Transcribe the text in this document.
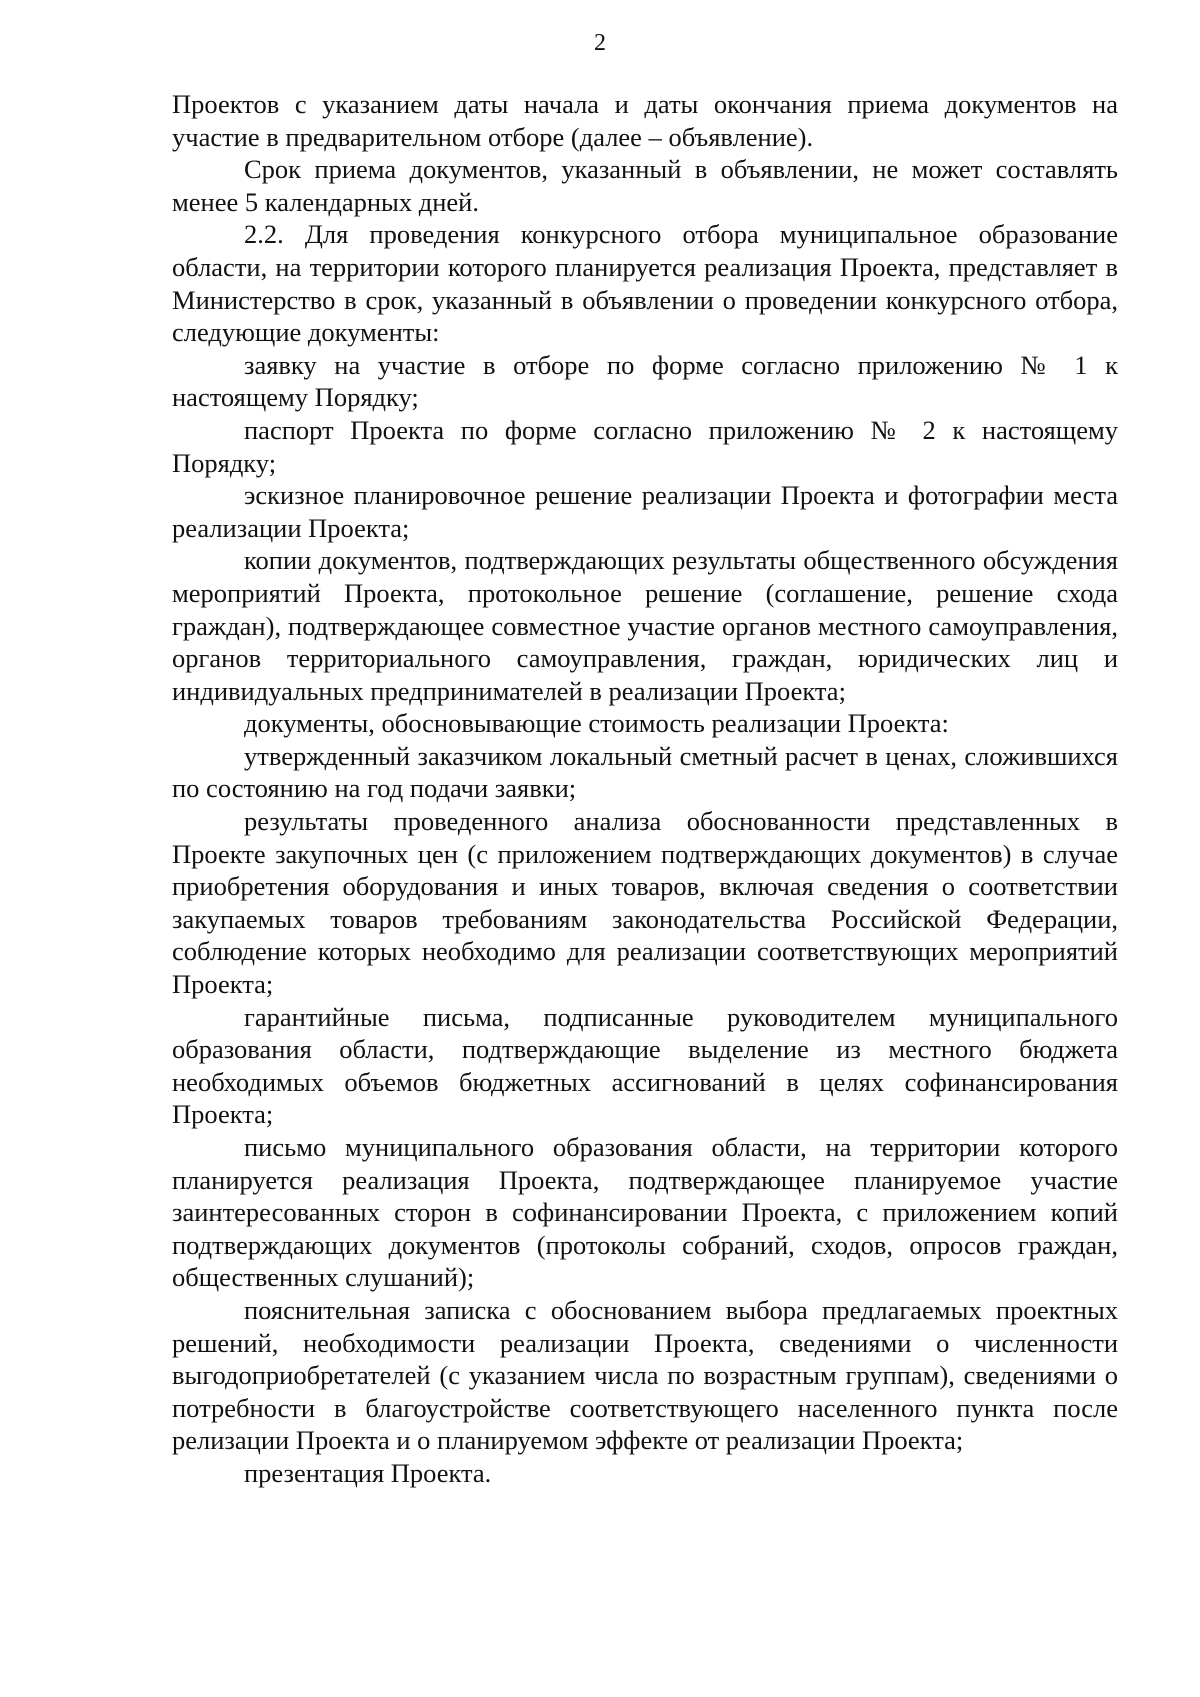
2

Проектов с указанием даты начала и даты окончания приема документов на участие в предварительном отборе (далее – объявление).

Срок приема документов, указанный в объявлении, не может составлять менее 5 календарных дней.

2.2. Для проведения конкурсного отбора муниципальное образование области, на территории которого планируется реализация Проекта, представляет в Министерство в срок, указанный в объявлении о проведении конкурсного отбора, следующие документы:

заявку на участие в отборе по форме согласно приложению № 1 к настоящему Порядку;

паспорт Проекта по форме согласно приложению № 2 к настоящему Порядку;

эскизное планировочное решение реализации Проекта и фотографии места реализации Проекта;

копии документов, подтверждающих результаты общественного обсуждения мероприятий Проекта, протокольное решение (соглашение, решение схода граждан), подтверждающее совместное участие органов местного самоуправления, органов территориального самоуправления, граждан, юридических лиц и индивидуальных предпринимателей в реализации Проекта;

документы, обосновывающие стоимость реализации Проекта:

утвержденный заказчиком локальный сметный расчет в ценах, сложившихся по состоянию на год подачи заявки;

результаты проведенного анализа обоснованности представленных в Проекте закупочных цен (с приложением подтверждающих документов) в случае приобретения оборудования и иных товаров, включая сведения о соответствии закупаемых товаров требованиям законодательства Российской Федерации, соблюдение которых необходимо для реализации соответствующих мероприятий Проекта;

гарантийные письма, подписанные руководителем муниципального образования области, подтверждающие выделение из местного бюджета необходимых объемов бюджетных ассигнований в целях софинансирования Проекта;

письмо муниципального образования области, на территории которого планируется реализация Проекта, подтверждающее планируемое участие заинтересованных сторон в софинансировании Проекта, с приложением копий подтверждающих документов (протоколы собраний, сходов, опросов граждан, общественных слушаний);

пояснительная записка с обоснованием выбора предлагаемых проектных решений, необходимости реализации Проекта, сведениями о численности выгодоприобретателей (с указанием числа по возрастным группам), сведениями о потребности в благоустройстве соответствующего населенного пункта после релизации Проекта и о планируемом эффекте от реализации Проекта;

презентация Проекта.
